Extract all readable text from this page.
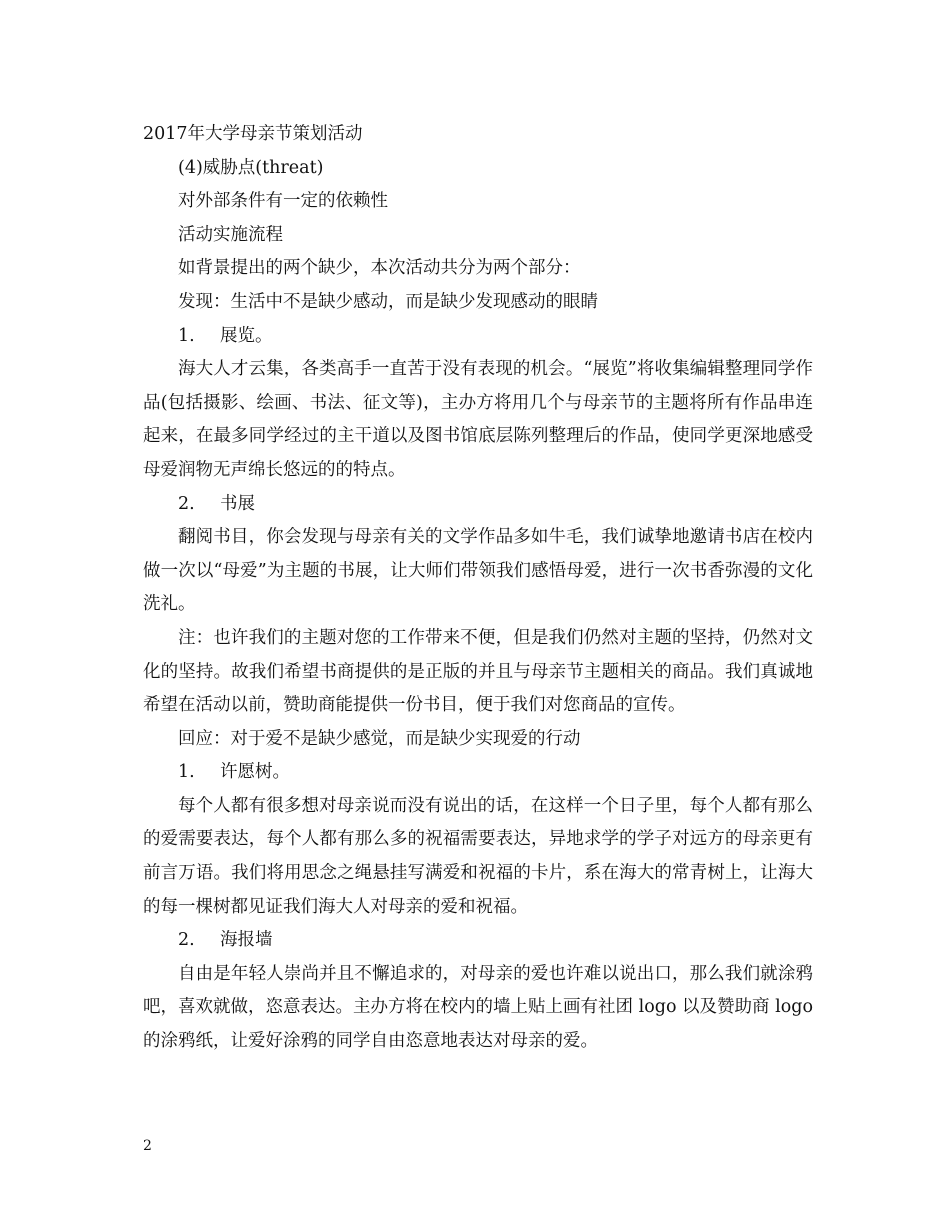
2017年大学母亲节策划活动

(4)威胁点(threat)

对外部条件有一定的依赖性

活动实施流程

如背景提出的两个缺少，本次活动共分为两个部分：

发现：生活中不是缺少感动，而是缺少发现感动的眼睛

1. 展览。

海大人才云集，各类高手一直苦于没有表现的机会。“展览”将收集编辑整理同学作品(包括摄影、绘画、书法、征文等)，主办方将用几个与母亲节的主题将所有作品串连起来，在最多同学经过的主干道以及图书馆底层陈列整理后的作品，使同学更深地感受母爱润物无声绵长悠远的的特点。

2. 书展

翻阅书目，你会发现与母亲有关的文学作品多如牛毛，我们诚挚地邀请书店在校内做一次以“母爱”为主题的书展，让大师们带领我们感悟母爱，进行一次书香弥漫的文化洗礼。

注：也许我们的主题对您的工作带来不便，但是我们仍然对主题的坚持，仍然对文化的坚持。故我们希望书商提供的是正版的并且与母亲节主题相关的商品。我们真诚地希望在活动以前，赞助商能提供一份书目，便于我们对您商品的宣传。

回应：对于爱不是缺少感觉，而是缺少实现爱的行动

1. 许愿树。

每个人都有很多想对母亲说而没有说出的话，在这样一个日子里，每个人都有那么的爱需要表达，每个人都有那么多的祝福需要表达，异地求学的学子对远方的母亲更有前言万语。我们将用思念之绳悬挂写满爱和祝福的卡片，系在海大的常青树上，让海大的每一棵树都见证我们海大人对母亲的爱和祝福。

2. 海报墙

自由是年轻人崇尚并且不懈追求的，对母亲的爱也许难以说出口，那么我们就涂鸦吧，喜欢就做，恣意表达。主办方将在校内的墙上贴上画有社团 logo 以及赞助商 logo 的涂鸦纸，让爱好涂鸦的同学自由恣意地表达对母亲的爱。

2
